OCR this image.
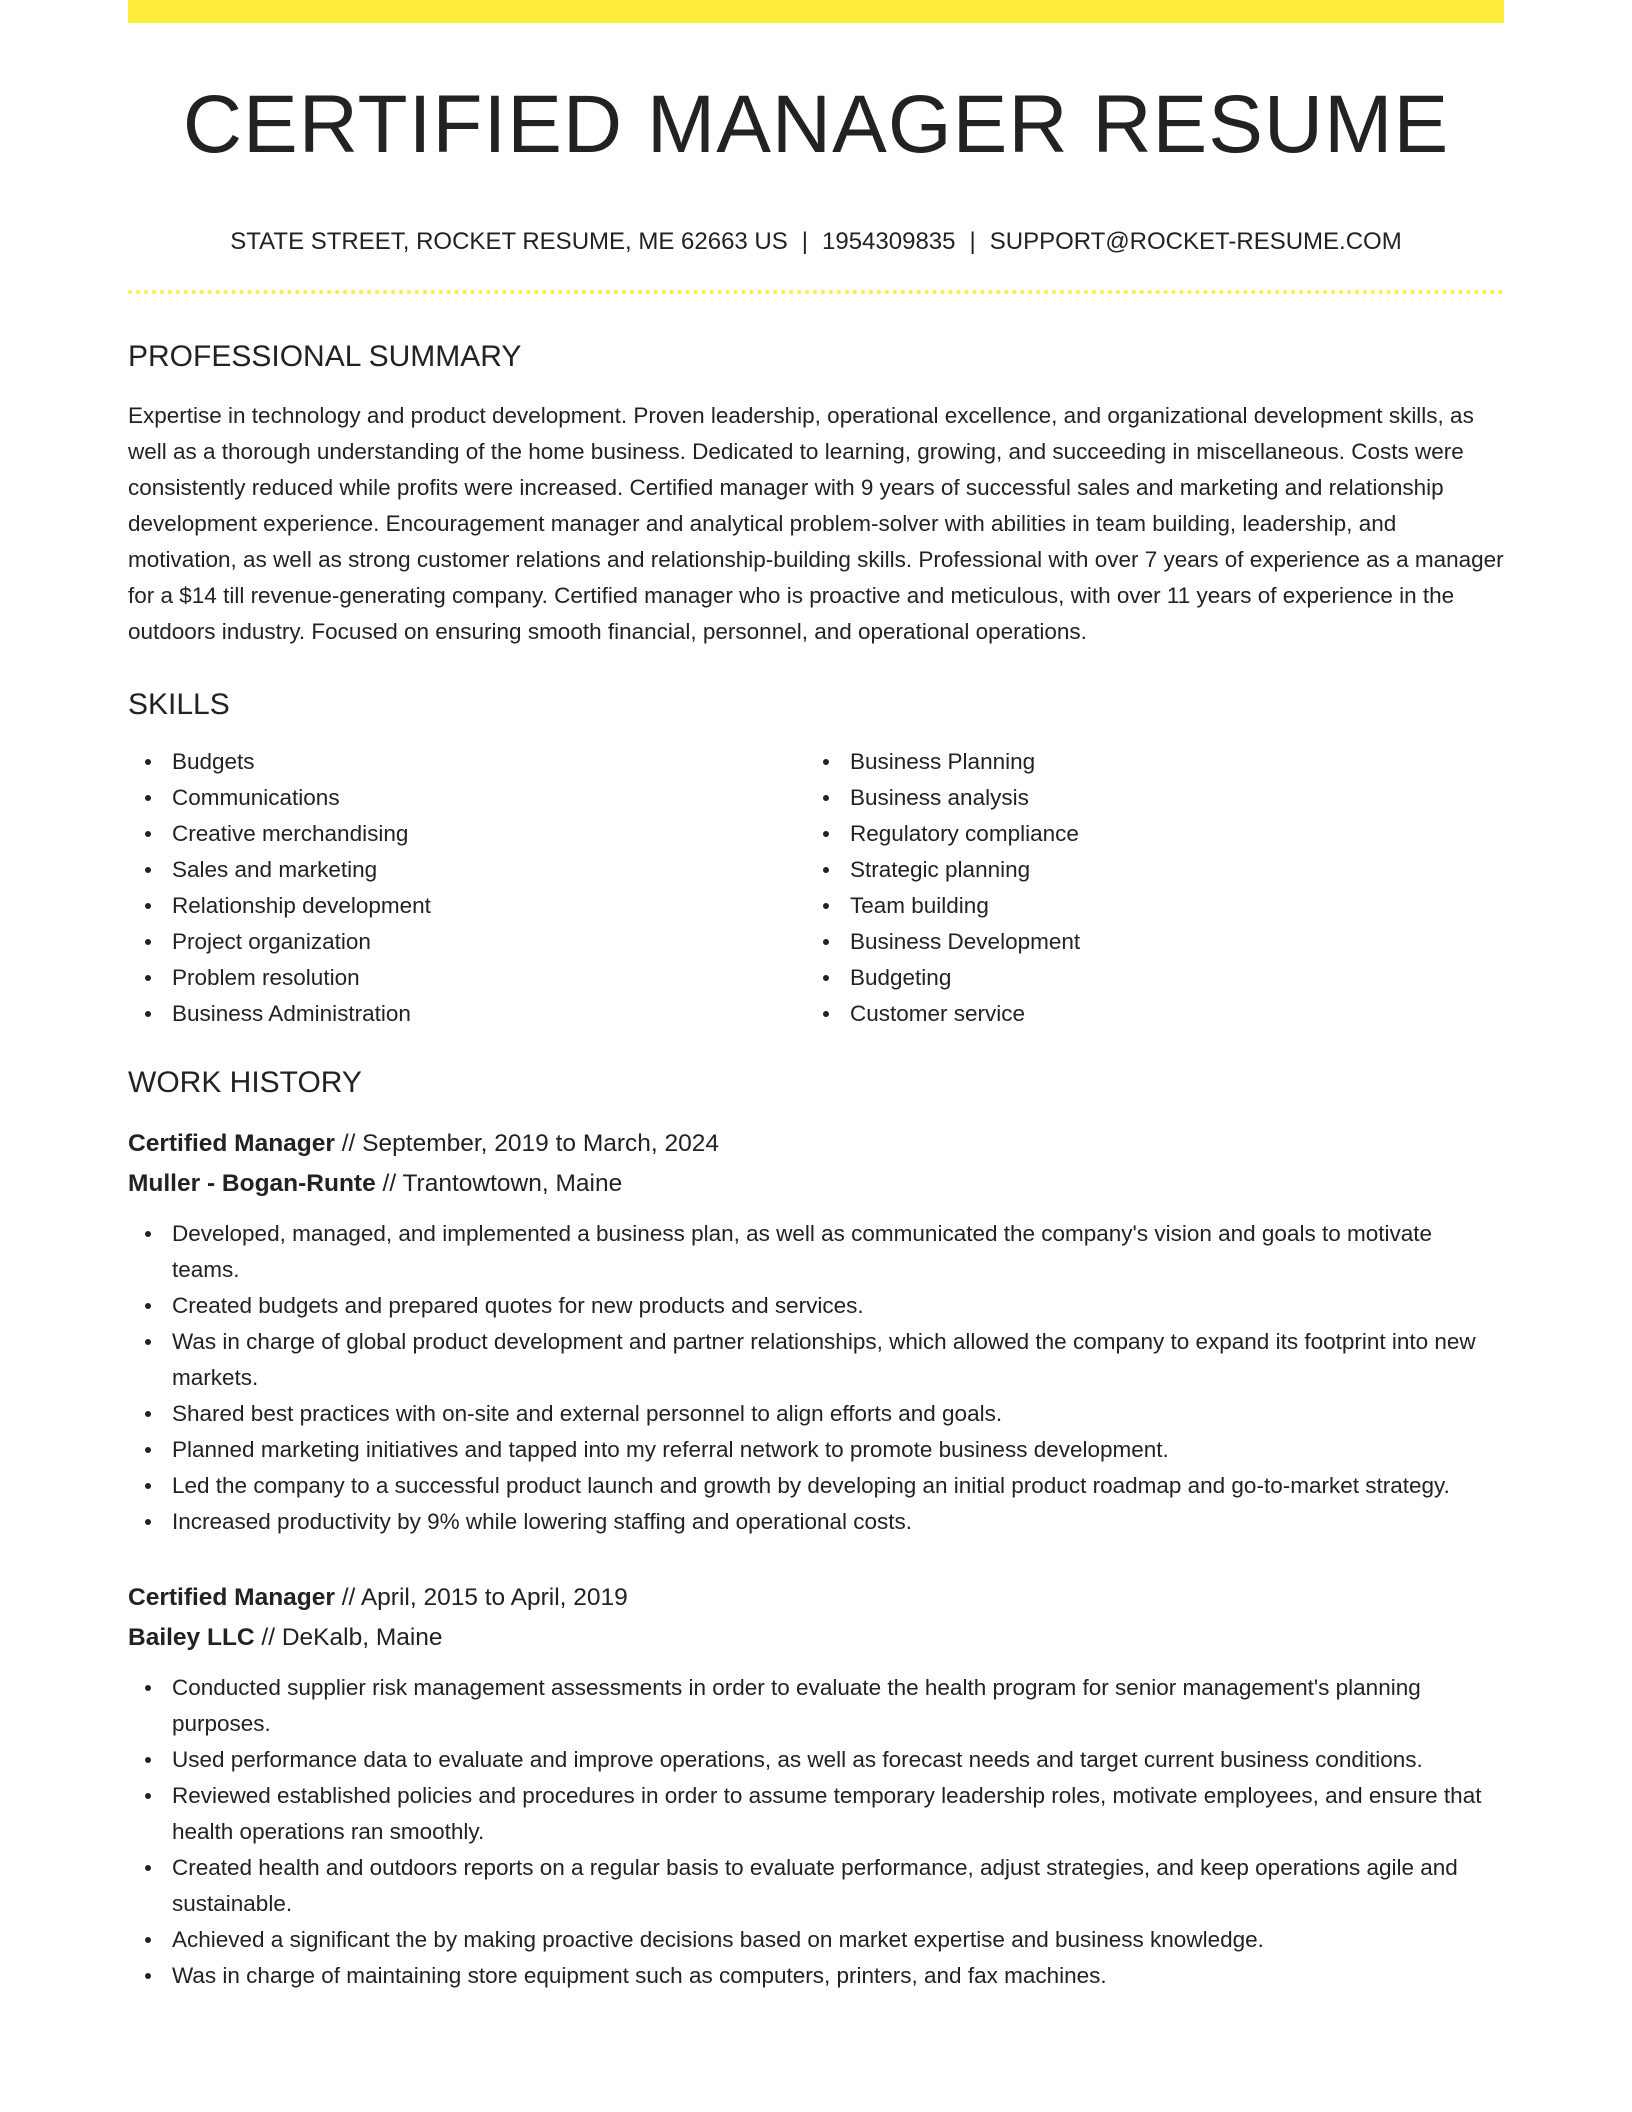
CERTIFIED MANAGER RESUME
STATE STREET, ROCKET RESUME, ME 62663 US | 1954309835 | SUPPORT@ROCKET-RESUME.COM
PROFESSIONAL SUMMARY

Expertise in technology and product development. Proven leadership, operational excellence, and organizational development skills, as well as a thorough understanding of the home business. Dedicated to learning, growing, and succeeding in miscellaneous. Costs were consistently reduced while profits were increased. Certified manager with 9 years of successful sales and marketing and relationship development experience. Encouragement manager and analytical problem-solver with abilities in team building, leadership, and motivation, as well as strong customer relations and relationship-building skills. Professional with over 7 years of experience as a manager for a $14 till revenue-generating company. Certified manager who is proactive and meticulous, with over 11 years of experience in the outdoors industry. Focused on ensuring smooth financial, personnel, and operational operations.

SKILLS
Budgets
Communications
Creative merchandising
Sales and marketing
Relationship development
Project organization
Problem resolution
Business Administration
Business Planning
Business analysis
Regulatory compliance
Strategic planning
Team building
Business Development
Budgeting
Customer service
WORK HISTORY
Certified Manager // September, 2019 to March, 2024
Muller - Bogan-Runte // Trantowtown, Maine
Developed, managed, and implemented a business plan, as well as communicated the company's vision and goals to motivate teams.
Created budgets and prepared quotes for new products and services.
Was in charge of global product development and partner relationships, which allowed the company to expand its footprint into new markets.
Shared best practices with on-site and external personnel to align efforts and goals.
Planned marketing initiatives and tapped into my referral network to promote business development.
Led the company to a successful product launch and growth by developing an initial product roadmap and go-to-market strategy.
Increased productivity by 9% while lowering staffing and operational costs.
Certified Manager // April, 2015 to April, 2019
Bailey LLC // DeKalb, Maine
Conducted supplier risk management assessments in order to evaluate the health program for senior management's planning purposes.
Used performance data to evaluate and improve operations, as well as forecast needs and target current business conditions.
Reviewed established policies and procedures in order to assume temporary leadership roles, motivate employees, and ensure that health operations ran smoothly.
Created health and outdoors reports on a regular basis to evaluate performance, adjust strategies, and keep operations agile and sustainable.
Achieved a significant the by making proactive decisions based on market expertise and business knowledge.
Was in charge of maintaining store equipment such as computers, printers, and fax machines.
